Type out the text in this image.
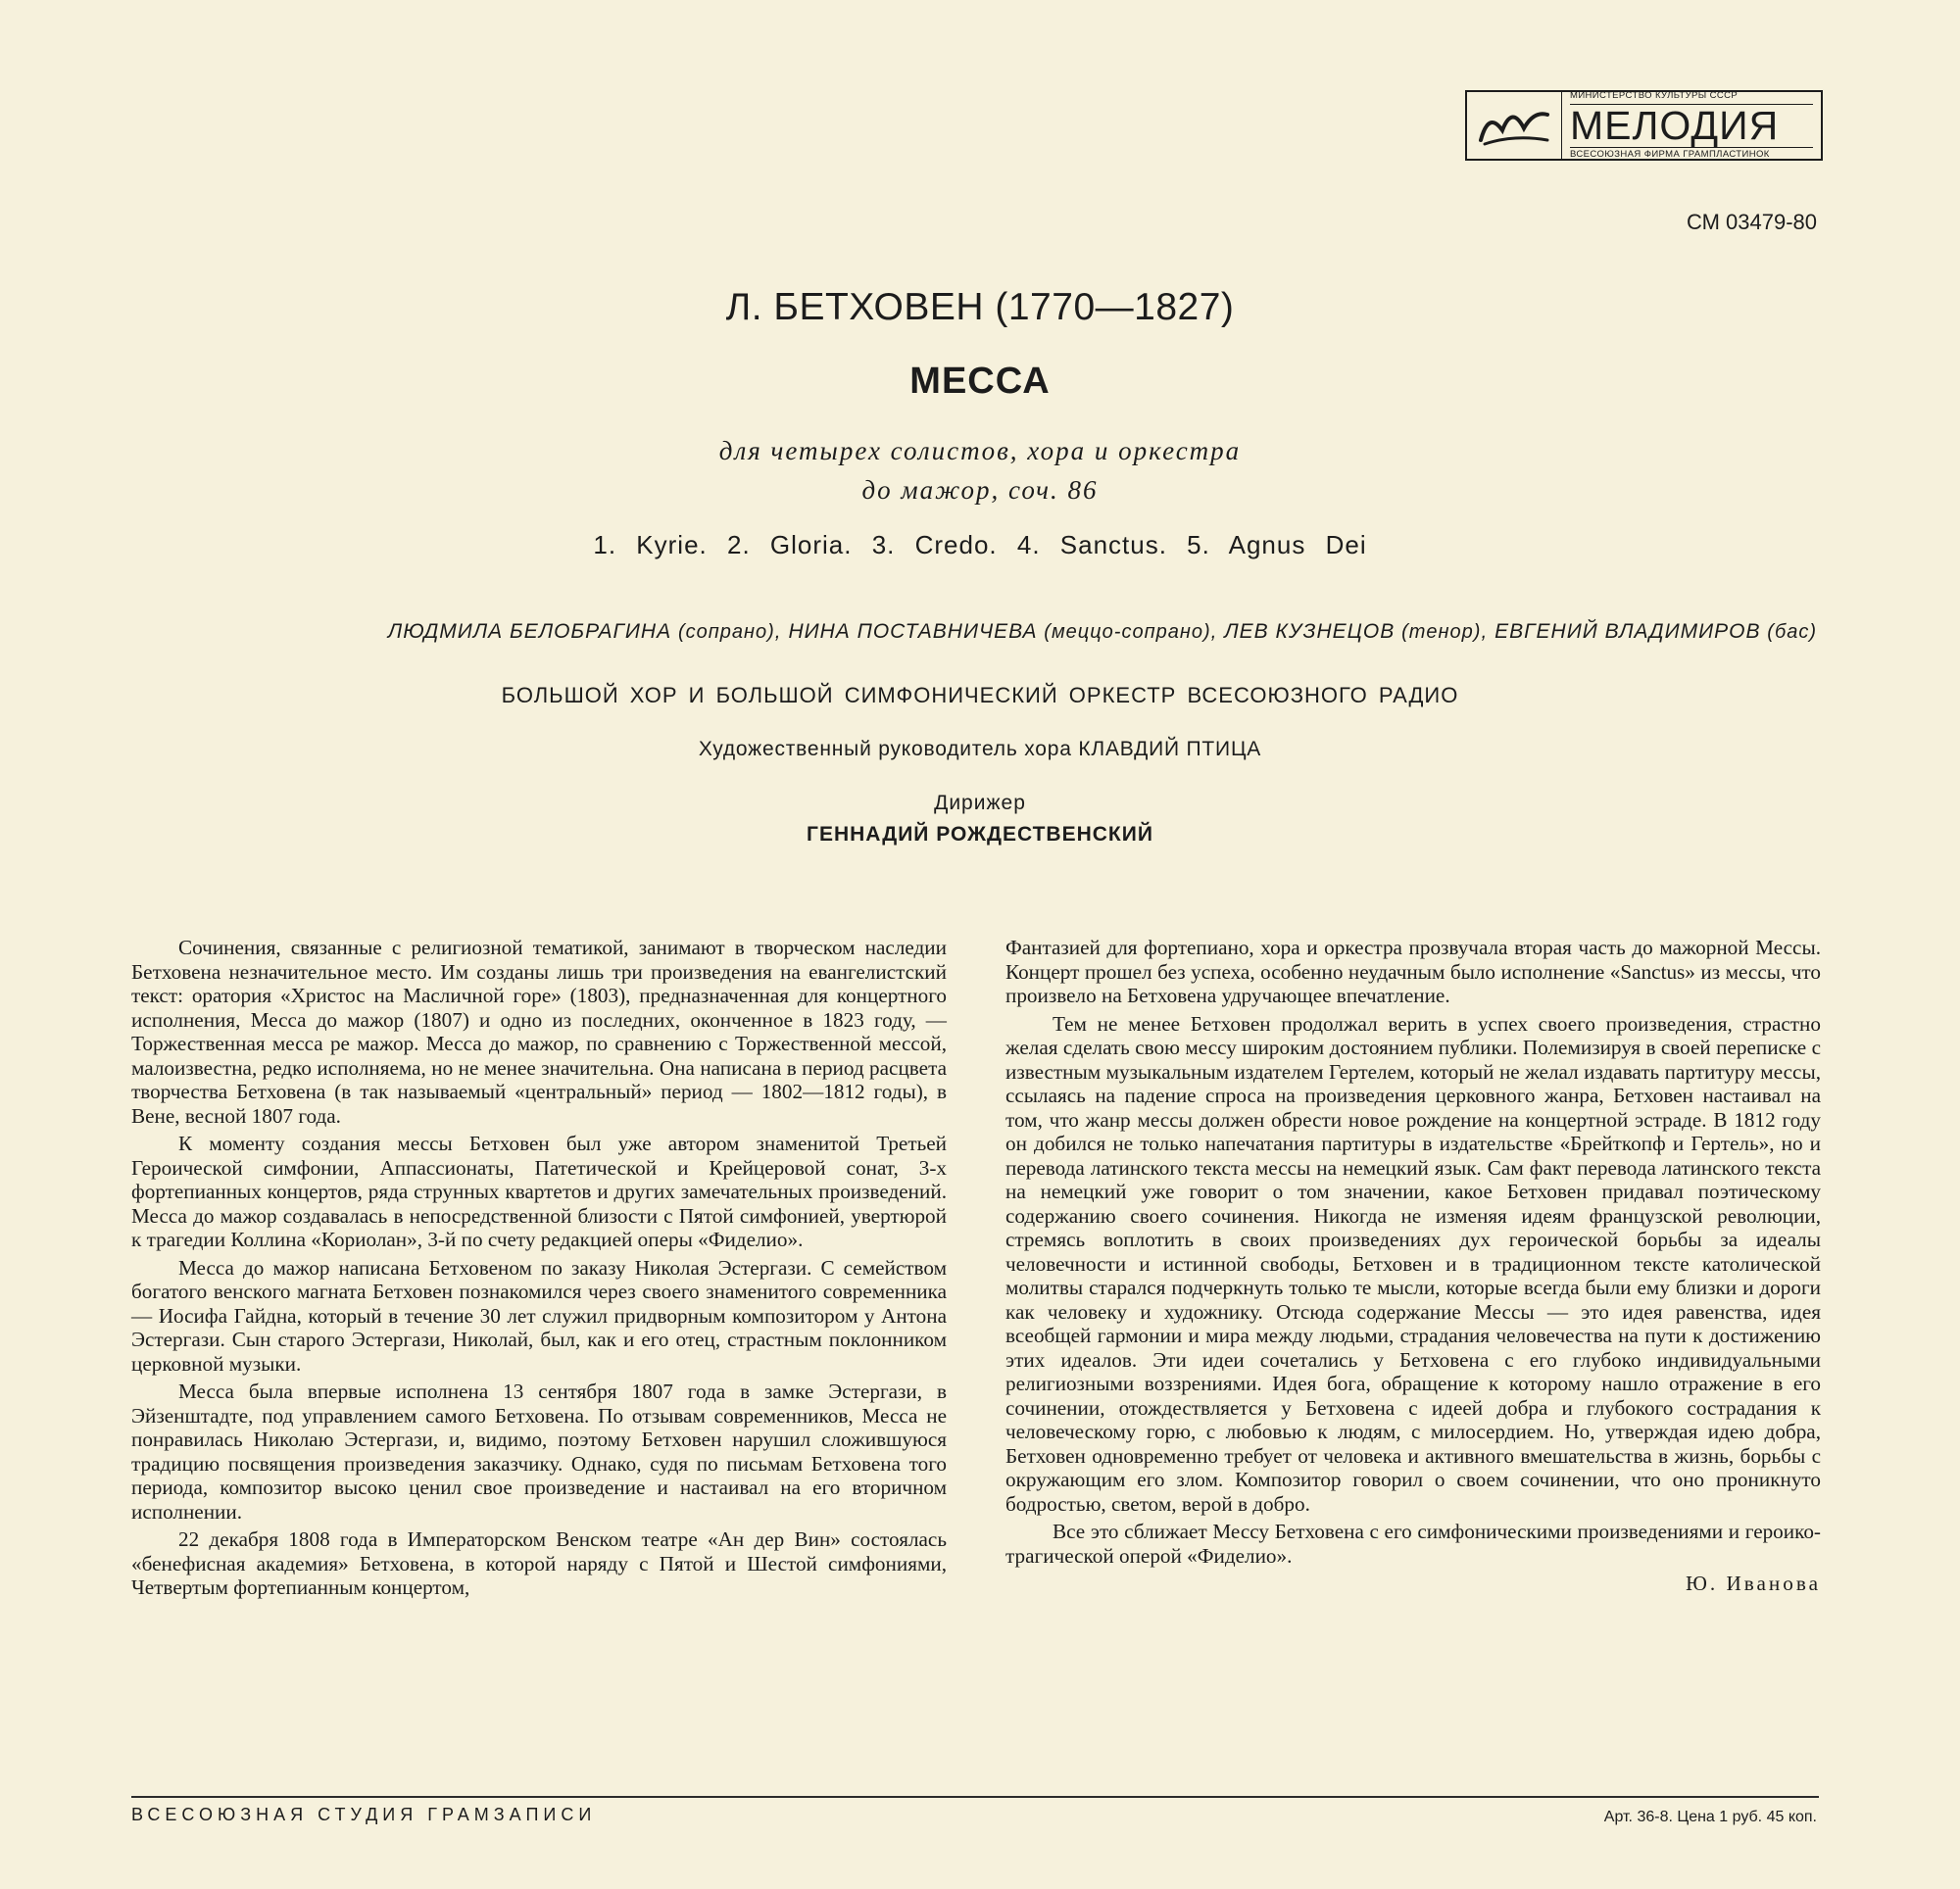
МИНИСТЕРСТВО КУЛЬТУРЫ СССР
МЕЛОДИЯ
ВСЕСОЮЗНАЯ ФИРМА ГРАМПЛАСТИНОК
СМ 03479-80
Л. БЕТХОВЕН (1770—1827)
МЕССА
для четырех солистов, хора и оркестра
до мажор, соч. 86
1. Kyrie. 2. Gloria. 3. Credo. 4. Sanctus. 5. Agnus Dei
ЛЮДМИЛА БЕЛОБРАГИНА (сопрано), НИНА ПОСТАВНИЧЕВА (меццо-сопрано), ЛЕВ КУЗНЕЦОВ (тенор), ЕВГЕНИЙ ВЛАДИМИРОВ (бас)
БОЛЬШОЙ ХОР И БОЛЬШОЙ СИМФОНИЧЕСКИЙ ОРКЕСТР ВСЕСОЮЗНОГО РАДИО
Художественный руководитель хора КЛАВДИЙ ПТИЦА
Дирижер
ГЕННАДИЙ РОЖДЕСТВЕНСКИЙ

Сочинения, связанные с религиозной тематикой, занимают в творческом наследии Бетховена незначительное место. Им созданы лишь три произведения на евангелистский текст: оратория «Христос на Масличной горе» (1803), предназначенная для концертного исполнения, Месса до мажор (1807) и одно из последних, оконченное в 1823 году, — Торжественная месса ре мажор. Месса до мажор, по сравнению с Торжественной мессой, малоизвестна, редко исполняема, но не менее значительна. Она написана в период расцвета творчества Бетховена (в так называемый «центральный» период — 1802—1812 годы), в Вене, весной 1807 года.

К моменту создания мессы Бетховен был уже автором знаменитой Третьей Героической симфонии, Аппассионаты, Патетической и Крейцеровой сонат, 3-х фортепианных концертов, ряда струнных квартетов и других замечательных произведений. Месса до мажор создавалась в непосредственной близости с Пятой симфонией, увертюрой к трагедии Коллина «Кориолан», 3-й по счету редакцией оперы «Фиделио».

Месса до мажор написана Бетховеном по заказу Николая Эстергази. С семейством богатого венского магната Бетховен познакомился через своего знаменитого современника — Иосифа Гайдна, который в течение 30 лет служил придворным композитором у Антона Эстергази. Сын старого Эстергази, Николай, был, как и его отец, страстным поклонником церковной музыки.

Месса была впервые исполнена 13 сентября 1807 года в замке Эстергази, в Эйзенштадте, под управлением самого Бетховена. По отзывам современников, Месса не понравилась Николаю Эстергази, и, видимо, поэтому Бетховен нарушил сложившуюся традицию посвящения произведения заказчику. Однако, судя по письмам Бетховена того периода, композитор высоко ценил свое произведение и настаивал на его вторичном исполнении.

22 декабря 1808 года в Императорском Венском театре «Ан дер Вин» состоялась «бенефисная академия» Бетховена, в которой наряду с Пятой и Шестой симфониями, Четвертым фортепианным концертом,

Фантазией для фортепиано, хора и оркестра прозвучала вторая часть до мажорной Мессы. Концерт прошел без успеха, особенно неудачным было исполнение «Sanctus» из мессы, что произвело на Бетховена удручающее впечатление.

Тем не менее Бетховен продолжал верить в успех своего произведения, страстно желая сделать свою мессу широким достоянием публики. Полемизируя в своей переписке с известным музыкальным издателем Гертелем, который не желал издавать партитуру мессы, ссылаясь на падение спроса на произведения церковного жанра, Бетховен настаивал на том, что жанр мессы должен обрести новое рождение на концертной эстраде. В 1812 году он добился не только напечатания партитуры в издательстве «Брейткопф и Гертель», но и перевода латинского текста мессы на немецкий язык. Сам факт перевода латинского текста на немецкий уже говорит о том значении, какое Бетховен придавал поэтическому содержанию своего сочинения. Никогда не изменяя идеям французской революции, стремясь воплотить в своих произведениях дух героической борьбы за идеалы человечности и истинной свободы, Бетховен и в традиционном тексте католической молитвы старался подчеркнуть только те мысли, которые всегда были ему близки и дороги как человеку и художнику. Отсюда содержание Мессы — это идея равенства, идея всеобщей гармонии и мира между людьми, страдания человечества на пути к достижению этих идеалов. Эти идеи сочетались у Бетховена с его глубоко индивидуальными религиозными воззрениями. Идея бога, обращение к которому нашло отражение в его сочинении, отождествляется у Бетховена с идеей добра и глубокого сострадания к человеческому горю, с любовью к людям, с милосердием. Но, утверждая идею добра, Бетховен одновременно требует от человека и активного вмешательства в жизнь, борьбы с окружающим его злом. Композитор говорил о своем сочинении, что оно проникнуто бодростью, светом, верой в добро.

Все это сближает Мессу Бетховена с его симфоническими произведениями и героико-трагической оперой «Фиделио».

Ю. Иванова
ВСЕСОЮЗНАЯ СТУДИЯ ГРАМЗАПИСИ	Арт. 36-8. Цена 1 руб. 45 коп.
